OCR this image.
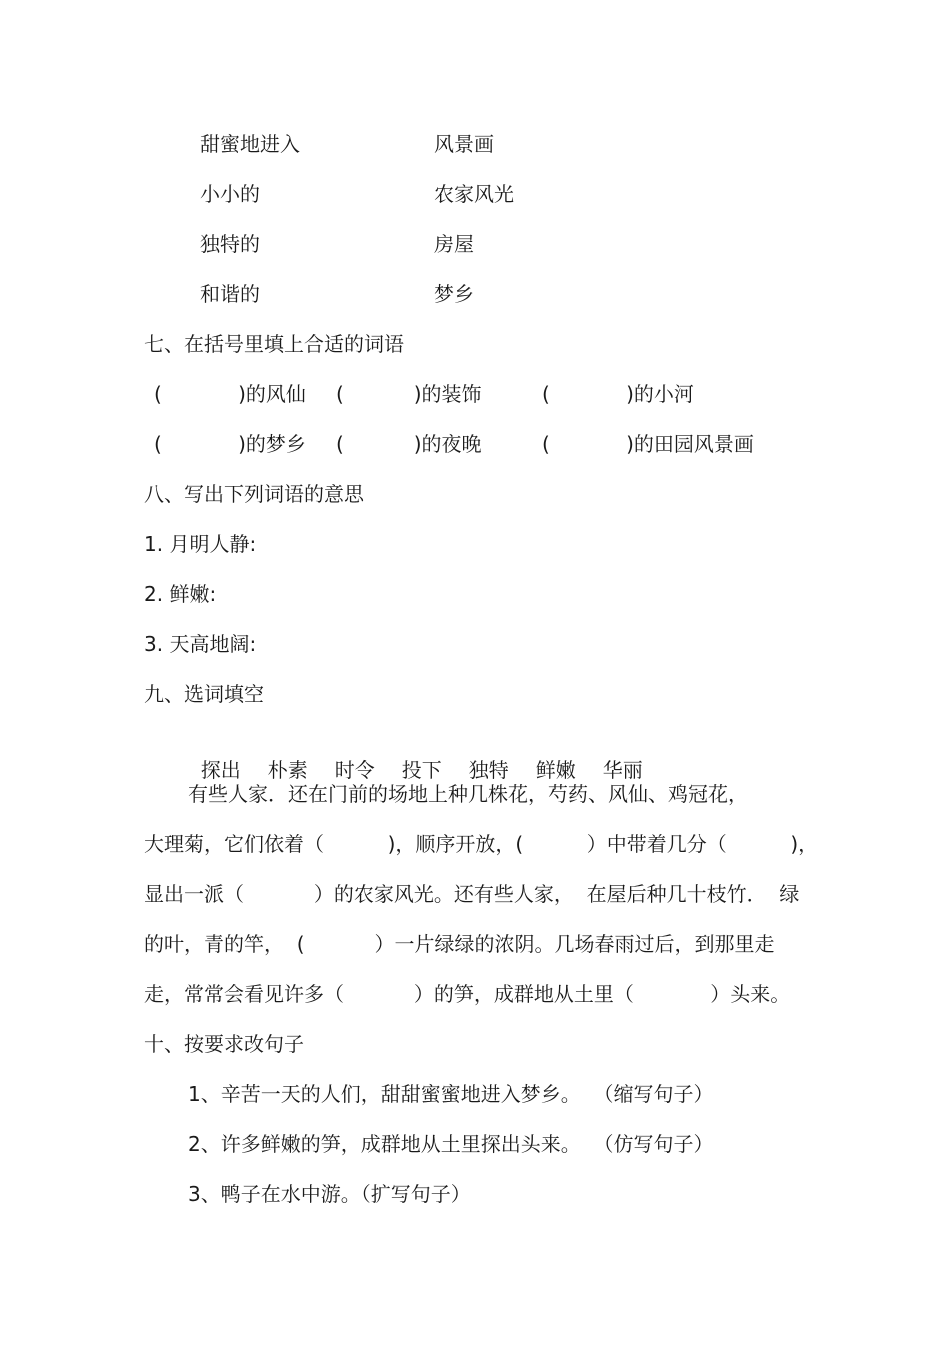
甜蜜地进入	风景画
小小的	农家风光
独特的	房屋
和谐的	梦乡
七、在括号里填上合适的词语
(            )的风仙 (           )的装饰	(            )的小河
(            )的梦乡 (           )的夜晚	(            )的田园风景画
八、写出下列词语的意思
1. 月明人静:
2. 鲜嫩:
3. 天高地阔:
九、选词填空

探出 朴素 时令 投下 独特 鲜嫩 华丽

有些人家．还在门前的场地上种几株花，芍药、风仙、鸡冠花，
大理菊，它们依着（          )，顺序开放，(          ）中带着几分（          )，
显出一派（           ）的农家风光。还有些人家，  在屋后种几十枝竹．  绿
的叶，青的竿，  (           ）一片绿绿的浓阴。几场春雨过后，到那里走
走，常常会看见许多（           ）的笋，成群地从土里（            ）头来。
十、按要求改句子
1、辛苦一天的人们，甜甜蜜蜜地进入梦乡。  （缩写句子）
2、许多鲜嫩的笋，成群地从土里探出头来。  （仿写句子）
3、鸭子在水中游。（扩写句子）
